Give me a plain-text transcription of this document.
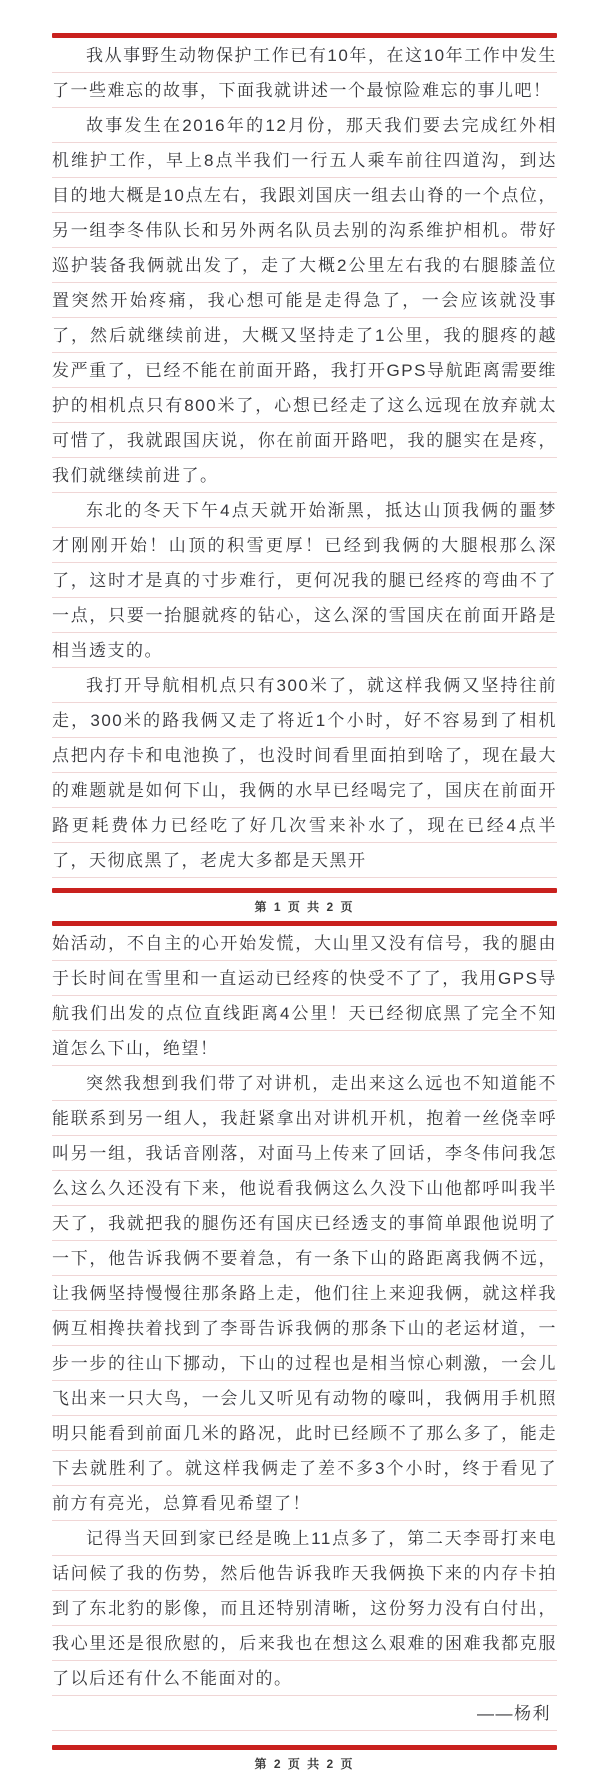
我从事野生动物保护工作已有10年，在这10年工作中发生了一些难忘的故事，下面我就讲述一个最惊险难忘的事儿吧！

故事发生在2016年的12月份，那天我们要去完成红外相机维护工作，早上8点半我们一行五人乘车前往四道沟，到达目的地大概是10点左右，我跟刘国庆一组去山脊的一个点位，另一组李冬伟队长和另外两名队员去别的沟系维护相机。带好巡护装备我俩就出发了，走了大概2公里左右我的右腿膝盖位置突然开始疼痛，我心想可能是走得急了，一会应该就没事了，然后就继续前进，大概又坚持走了1公里，我的腿疼的越发严重了，已经不能在前面开路，我打开GPS导航距离需要维护的相机点只有800米了，心想已经走了这么远现在放弃就太可惜了，我就跟国庆说，你在前面开路吧，我的腿实在是疼，我们就继续前进了。

东北的冬天下午4点天就开始渐黑，抵达山顶我俩的噩梦才刚刚开始！山顶的积雪更厚！已经到我俩的大腿根那么深了，这时才是真的寸步难行，更何况我的腿已经疼的弯曲不了一点，只要一抬腿就疼的钻心，这么深的雪国庆在前面开路是相当透支的。

我打开导航相机点只有300米了，就这样我俩又坚持往前走，300米的路我俩又走了将近1个小时，好不容易到了相机点把内存卡和电池换了，也没时间看里面拍到啥了，现在最大的难题就是如何下山，我俩的水早已经喝完了，国庆在前面开路更耗费体力已经吃了好几次雪来补水了，现在已经4点半了，天彻底黑了，老虎大多都是天黑开

第 1 页 共 2 页

始活动，不自主的心开始发慌，大山里又没有信号，我的腿由于长时间在雪里和一直运动已经疼的快受不了了，我用GPS导航我们出发的点位直线距离4公里！天已经彻底黑了完全不知道怎么下山，绝望！

突然我想到我们带了对讲机，走出来这么远也不知道能不能联系到另一组人，我赶紧拿出对讲机开机，抱着一丝侥幸呼叫另一组，我话音刚落，对面马上传来了回话，李冬伟问我怎么这么久还没有下来，他说看我俩这么久没下山他都呼叫我半天了，我就把我的腿伤还有国庆已经透支的事简单跟他说明了一下，他告诉我俩不要着急，有一条下山的路距离我俩不远，让我俩坚持慢慢往那条路上走，他们往上来迎我俩，就这样我俩互相搀扶着找到了李哥告诉我俩的那条下山的老运材道，一步一步的往山下挪动，下山的过程也是相当惊心刺激，一会儿飞出来一只大鸟，一会儿又听见有动物的嚎叫，我俩用手机照明只能看到前面几米的路况，此时已经顾不了那么多了，能走下去就胜利了。就这样我俩走了差不多3个小时，终于看见了前方有亮光，总算看见希望了！

记得当天回到家已经是晚上11点多了，第二天李哥打来电话问候了我的伤势，然后他告诉我昨天我俩换下来的内存卡拍到了东北豹的影像，而且还特别清晰，这份努力没有白付出，我心里还是很欣慰的，后来我也在想这么艰难的困难我都克服了以后还有什么不能面对的。

——杨利

第 2 页 共 2 页
